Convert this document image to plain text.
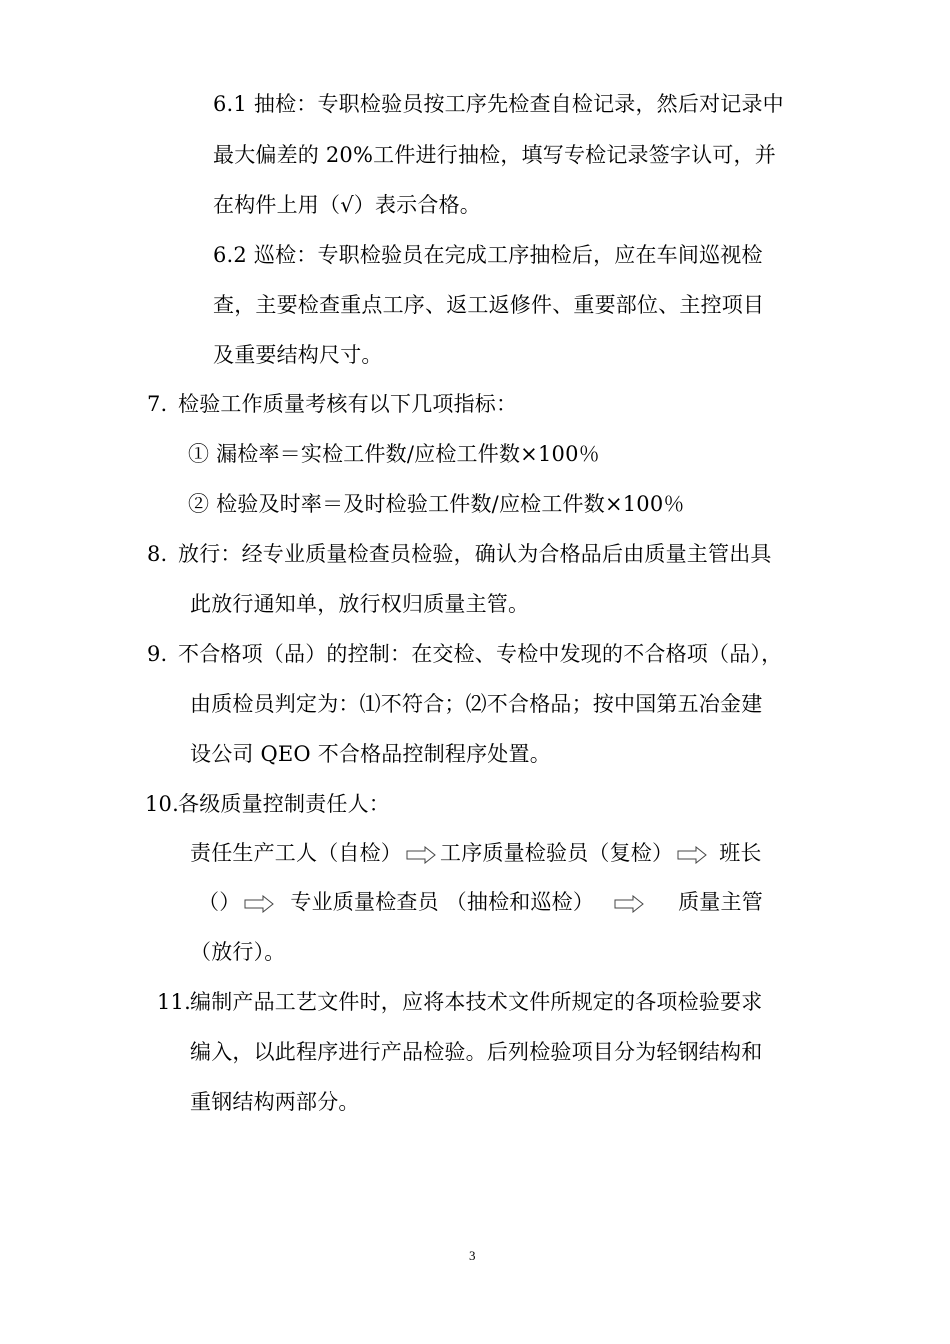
6.1 抽检：专职检验员按工序先检查自检记录，然后对记录中
最大偏差的 20%工件进行抽检，填写专检记录签字认可，并
在构件上用（√）表示合格。
6.2 巡检：专职检验员在完成工序抽检后，应在车间巡视检
查，主要检查重点工序、返工返修件、重要部位、主控项目
及重要结构尺寸。
7. 检验工作质量考核有以下几项指标：
① 漏检率＝实检工件数/应检工件数×100％
② 检验及时率＝及时检验工件数/应检工件数×100％
8. 放行：经专业质量检查员检验，确认为合格品后由质量主管出具
此放行通知单，放行权归质量主管。
9. 不合格项（品）的控制：在交检、专检中发现的不合格项（品），
由质检员判定为：⑴不符合；⑵不合格品；按中国第五冶金建
设公司 QEO 不合格品控制程序处置。
10. 各级质量控制责任人：
责任生产工人（自检） 工序质量检验员（复检） 班长
（） 专业质量检查员 （抽检和巡检）	质量主管
（放行）。
11. 编制产品工艺文件时，应将本技术文件所规定的各项检验要求
编入，以此程序进行产品检验。后列检验项目分为轻钢结构和
重钢结构两部分。
3
